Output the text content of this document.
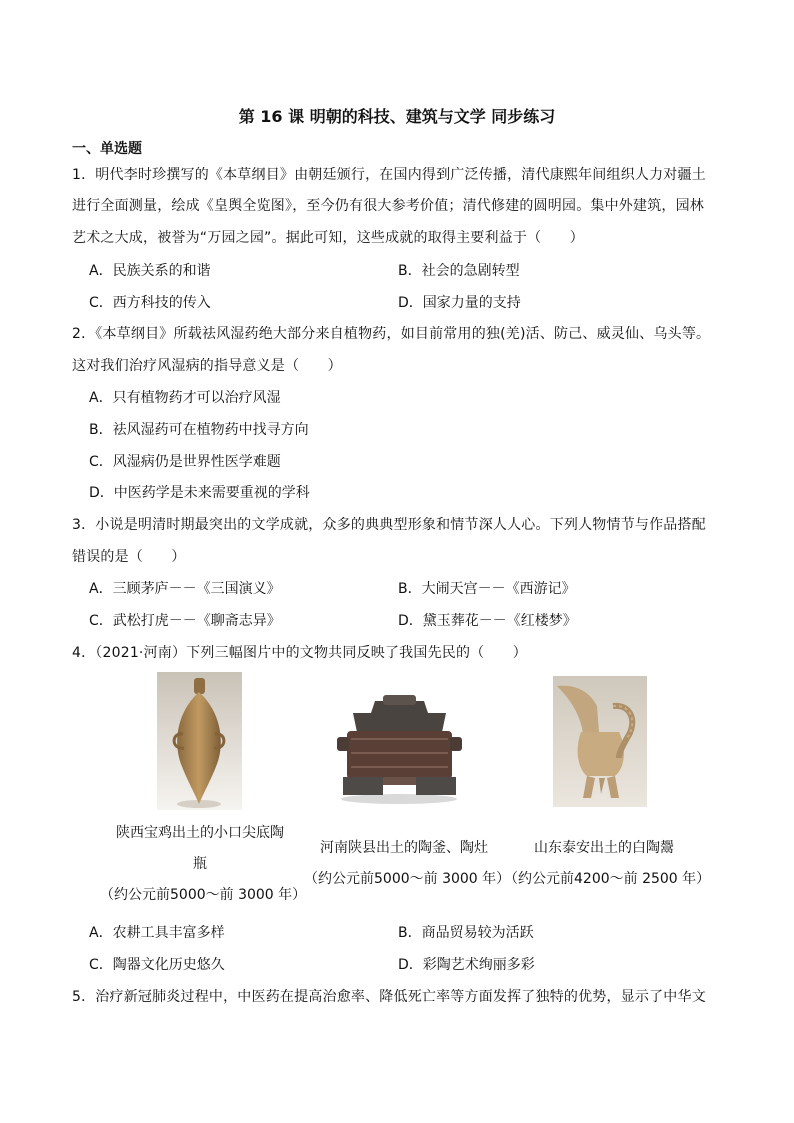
第 16 课 明朝的科技、建筑与文学 同步练习
一、单选题
1．明代李时珍撰写的《本草纲目》由朝廷颁行，在国内得到广泛传播，清代康熙年间组织人力对疆土
进行全面测量，绘成《皇舆全览图》，至今仍有很大参考价值；清代修建的圆明园。集中外建筑，园林
艺术之大成，被誉为“万园之园”。据此可知，这些成就的取得主要利益于（　　）
A．民族关系的和谐	B．社会的急剧转型
C．西方科技的传入	D．国家力量的支持
2．《本草纲目》所载祛风湿药绝大部分来自植物药，如目前常用的独(羌)活、防己、威灵仙、乌头等。
这对我们治疗风湿病的指导意义是（　　）
A．只有植物药才可以治疗风湿
B．祛风湿药可在植物药中找寻方向
C．风湿病仍是世界性医学难题
D．中医药学是未来需要重视的学科
3．小说是明清时期最突出的文学成就，众多的典典型形象和情节深人人心。下列人物情节与作品搭配
错误的是（　　）
A．三顾茅庐－－《三国演义》	B．大闹天宫－－《西游记》
C．武松打虎－－《聊斋志异》	D．黛玉葬花－－《红楼梦》
4．（2021·河南）下列三幅图片中的文物共同反映了我国先民的（　　）
陕西宝鸡出土的小口尖底陶
瓶
（约公元前5000～前 3000 年）
河南陕县出土的陶釜、陶灶
（约公元前5000～前 3000 年）
山东泰安出土的白陶鬶
（约公元前4200～前 2500 年）
A．农耕工具丰富多样	B．商品贸易较为活跃
C．陶器文化历史悠久	D．彩陶艺术绚丽多彩
5．治疗新冠肺炎过程中，中医药在提高治愈率、降低死亡率等方面发挥了独特的优势，显示了中华文
